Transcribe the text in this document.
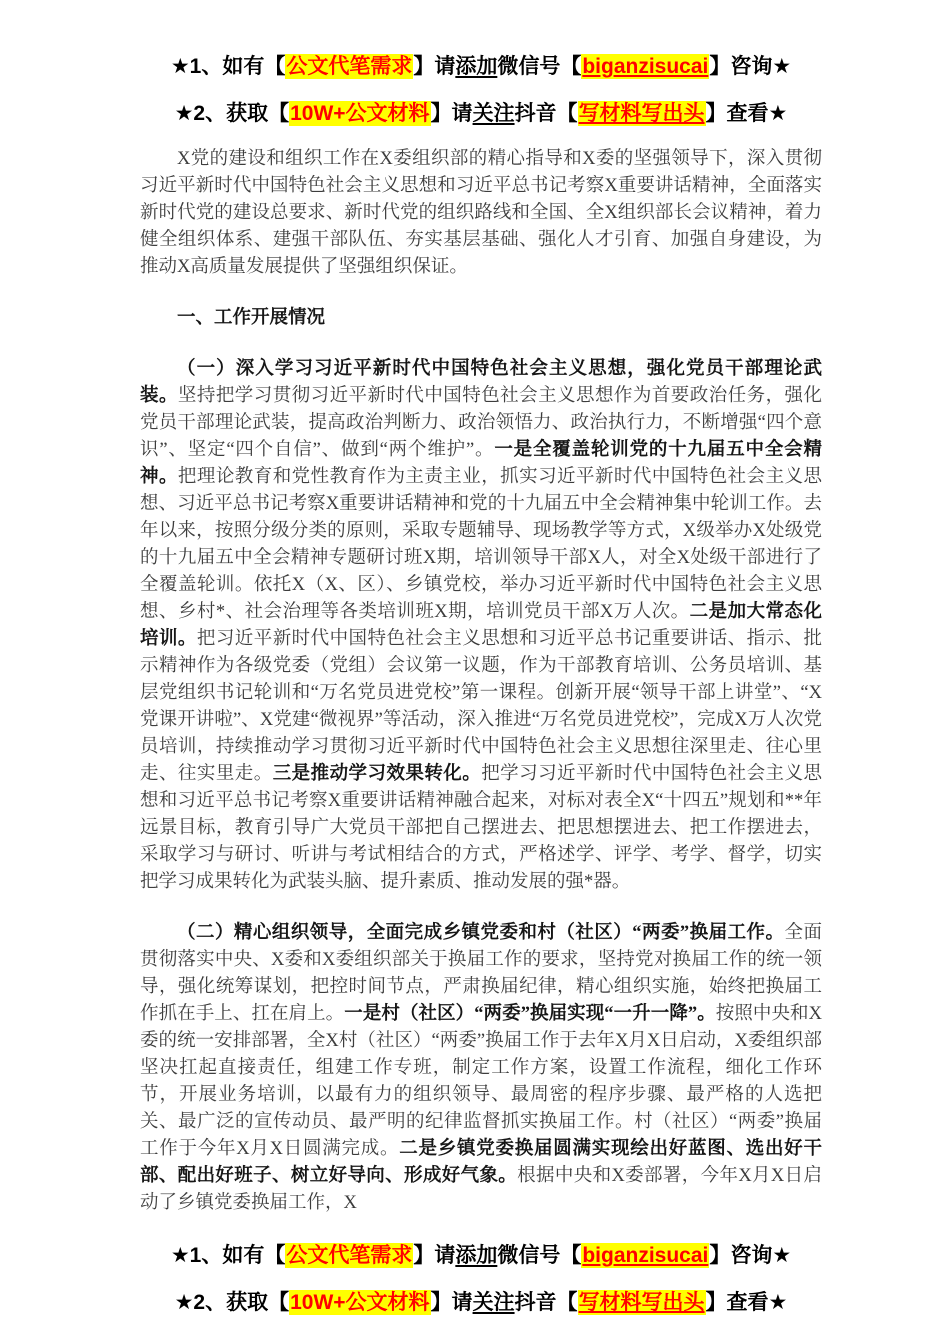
★1、如有【公文代笔需求】请添加微信号【biganzisucai】咨询★

★2、获取【10W+公文材料】请关注抖音【写材料写出头】查看★

X党的建设和组织工作在X委组织部的精心指导和X委的坚强领导下，深入贯彻习近平新时代中国特色社会主义思想和习近平总书记考察X重要讲话精神，全面落实新时代党的建设总要求、新时代党的组织路线和全国、全X组织部长会议精神，着力健全组织体系、建强干部队伍、夯实基层基础、强化人才引育、加强自身建设，为推动X高质量发展提供了坚强组织保证。

一、工作开展情况

（一）深入学习习近平新时代中国特色社会主义思想，强化党员干部理论武装。坚持把学习贯彻习近平新时代中国特色社会主义思想作为首要政治任务，强化党员干部理论武装，提高政治判断力、政治领悟力、政治执行力，不断增强“四个意识”、坚定“四个自信”、做到“两个维护”。一是全覆盖轮训党的十九届五中全会精神。把理论教育和党性教育作为主责主业，抓实习近平新时代中国特色社会主义思想、习近平总书记考察X重要讲话精神和党的十九届五中全会精神集中轮训工作。去年以来，按照分级分类的原则，采取专题辅导、现场教学等方式，X级举办X处级党的十九届五中全会精神专题研讨班X期，培训领导干部X人，对全X处级干部进行了全覆盖轮训。依托X（X、区）、乡镇党校，举办习近平新时代中国特色社会主义思想、乡村*、社会治理等各类培训班X期，培训党员干部X万人次。二是加大常态化培训。把习近平新时代中国特色社会主义思想和习近平总书记重要讲话、指示、批示精神作为各级党委（党组）会议第一议题，作为干部教育培训、公务员培训、基层党组织书记轮训和“万名党员进党校”第一课程。创新开展“领导干部上讲堂”、“X党课开讲啦”、X党建“微视界”等活动，深入推进“万名党员进党校”，完成X万人次党员培训，持续推动学习贯彻习近平新时代中国特色社会主义思想往深里走、往心里走、往实里走。三是推动学习效果转化。把学习习近平新时代中国特色社会主义思想和习近平总书记考察X重要讲话精神融合起来，对标对表全X“十四五”规划和**年远景目标，教育引导广大党员干部把自己摆进去、把思想摆进去、把工作摆进去，采取学习与研讨、听讲与考试相结合的方式，严格述学、评学、考学、督学，切实把学习成果转化为武装头脑、提升素质、推动发展的强*器。

（二）精心组织领导，全面完成乡镇党委和村（社区）“两委”换届工作。全面贯彻落实中央、X委和X委组织部关于换届工作的要求，坚持党对换届工作的统一领导，强化统筹谋划，把控时间节点，严肃换届纪律，精心组织实施，始终把换届工作抓在手上、扛在肩上。一是村（社区）“两委”换届实现“一升一降”。按照中央和X委的统一安排部署，全X村（社区）“两委”换届工作于去年X月X日启动，X委组织部坚决扛起直接责任，组建工作专班，制定工作方案，设置工作流程，细化工作环节，开展业务培训，以最有力的组织领导、最周密的程序步骤、最严格的人选把关、最广泛的宣传动员、最严明的纪律监督抓实换届工作。村（社区）“两委”换届工作于今年X月X日圆满完成。二是乡镇党委换届圆满实现绘出好蓝图、选出好干部、配出好班子、树立好导向、形成好气象。根据中央和X委部署，今年X月X日启动了乡镇党委换届工作，X

★1、如有【公文代笔需求】请添加微信号【biganzisucai】咨询★

★2、获取【10W+公文材料】请关注抖音【写材料写出头】查看★
